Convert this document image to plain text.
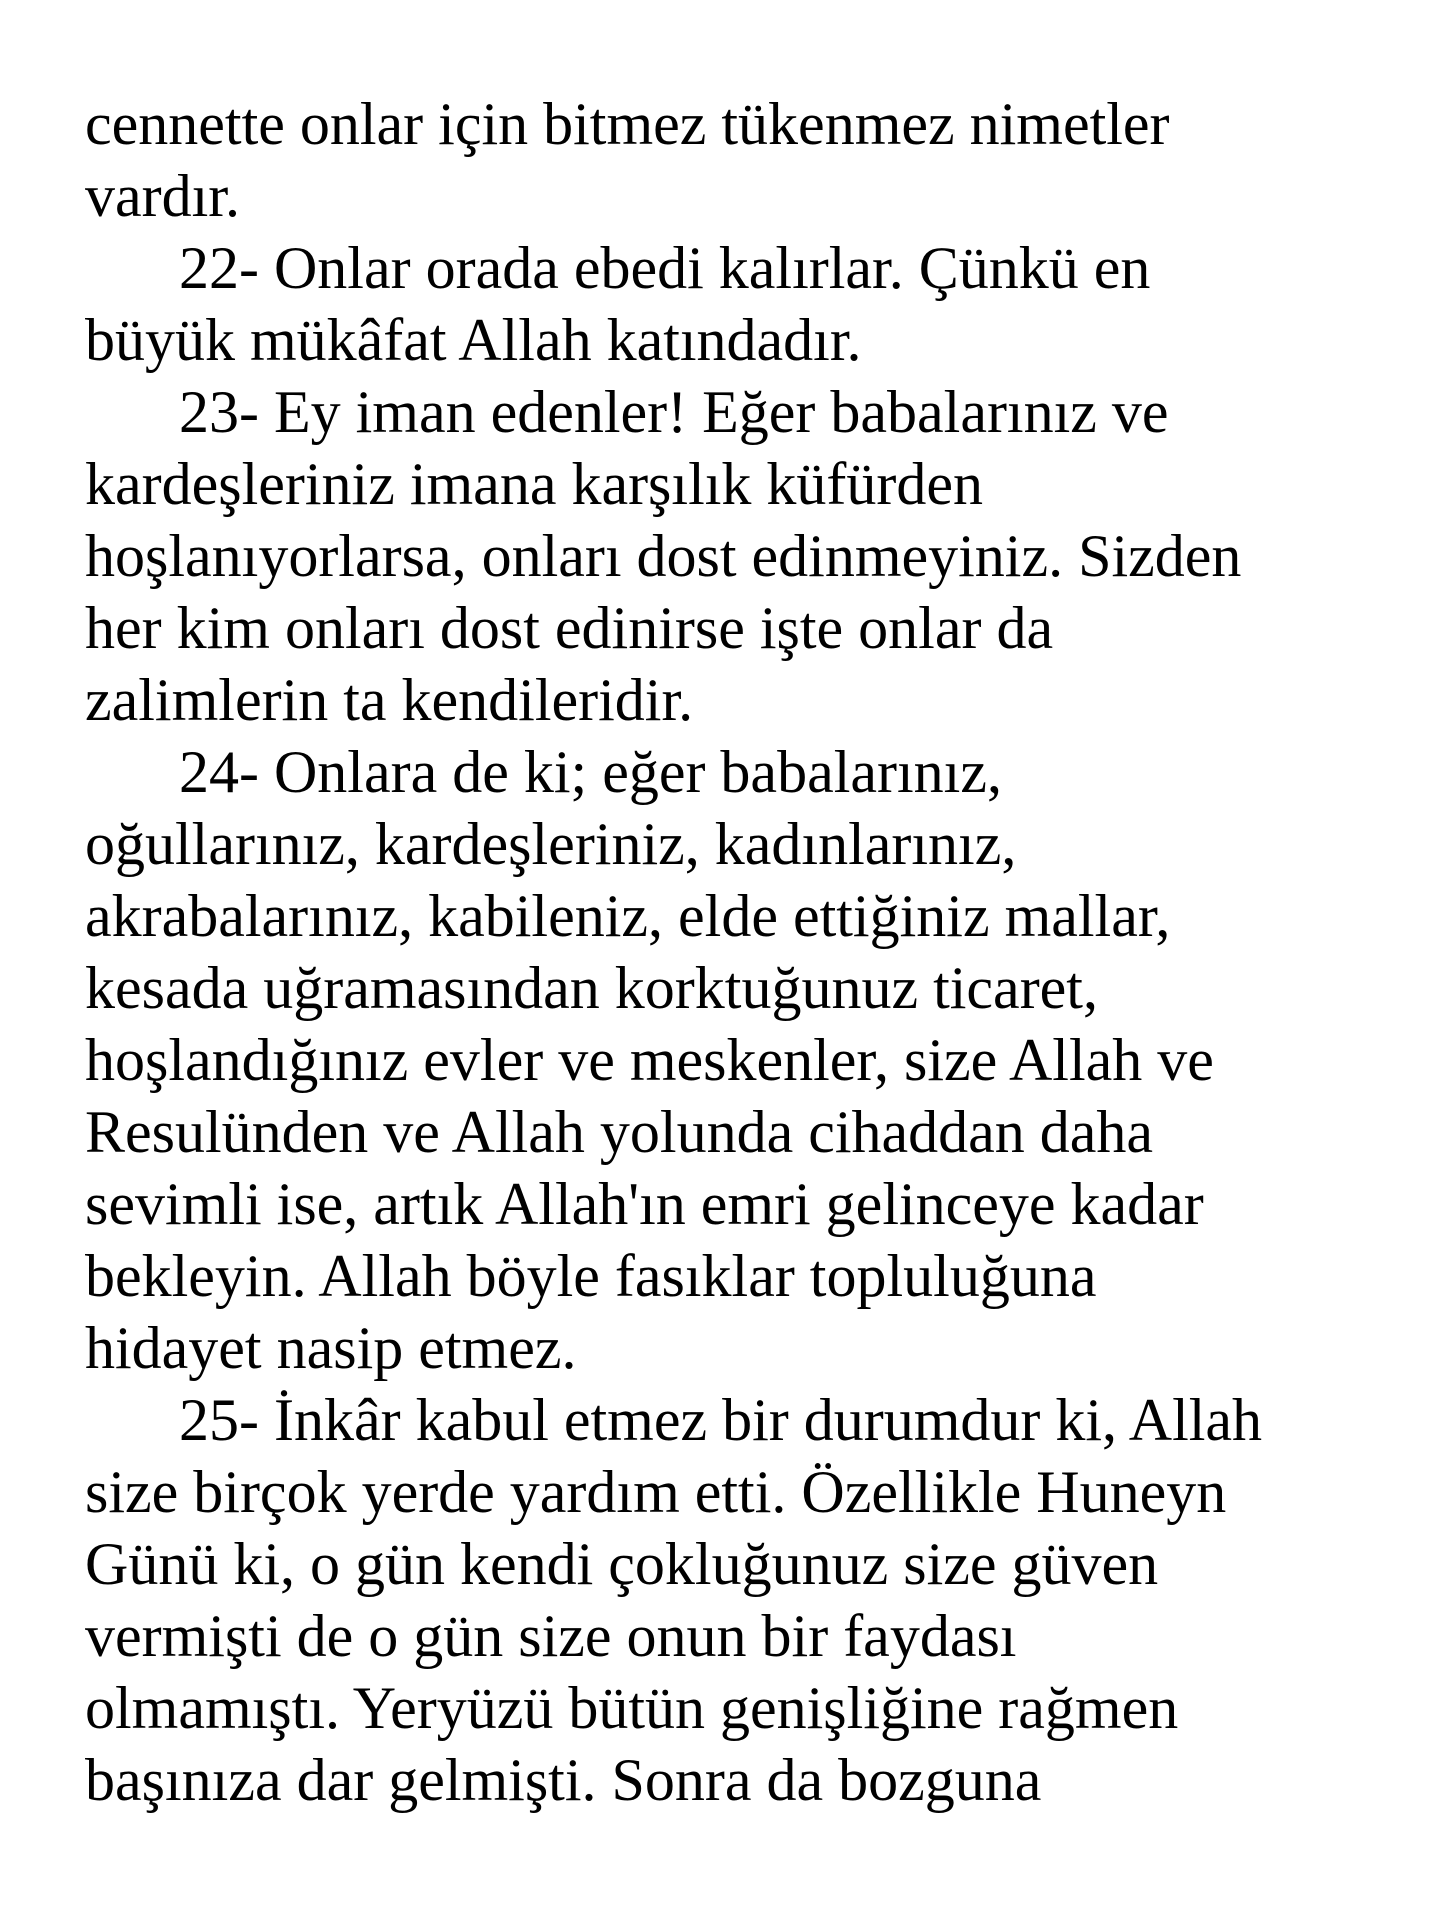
cennette onlar için bitmez tükenmez nimetler
vardır.
22- Onlar orada ebedi kalırlar. Çünkü en
büyük mükâfat Allah katındadır.
23- Ey iman edenler! Eğer babalarınız ve
kardeşleriniz imana karşılık küfürden
hoşlanıyorlarsa, onları dost edinmeyiniz. Sizden
her kim onları dost edinirse işte onlar da
zalimlerin ta kendileridir.
24- Onlara de ki; eğer babalarınız,
oğullarınız, kardeşleriniz, kadınlarınız,
akrabalarınız, kabileniz, elde ettiğiniz mallar,
kesada uğramasından korktuğunuz ticaret,
hoşlandığınız evler ve meskenler, size Allah ve
Resulünden ve Allah yolunda cihaddan daha
sevimli ise, artık Allah'ın emri gelinceye kadar
bekleyin. Allah böyle fasıklar topluluğuna
hidayet nasip etmez.
25- İnkâr kabul etmez bir durumdur ki, Allah
size birçok yerde yardım etti. Özellikle Huneyn
Günü ki, o gün kendi çokluğunuz size güven
vermişti de o gün size onun bir faydası
olmamıştı. Yeryüzü bütün genişliğine rağmen
başınıza dar gelmişti. Sonra da bozguna
